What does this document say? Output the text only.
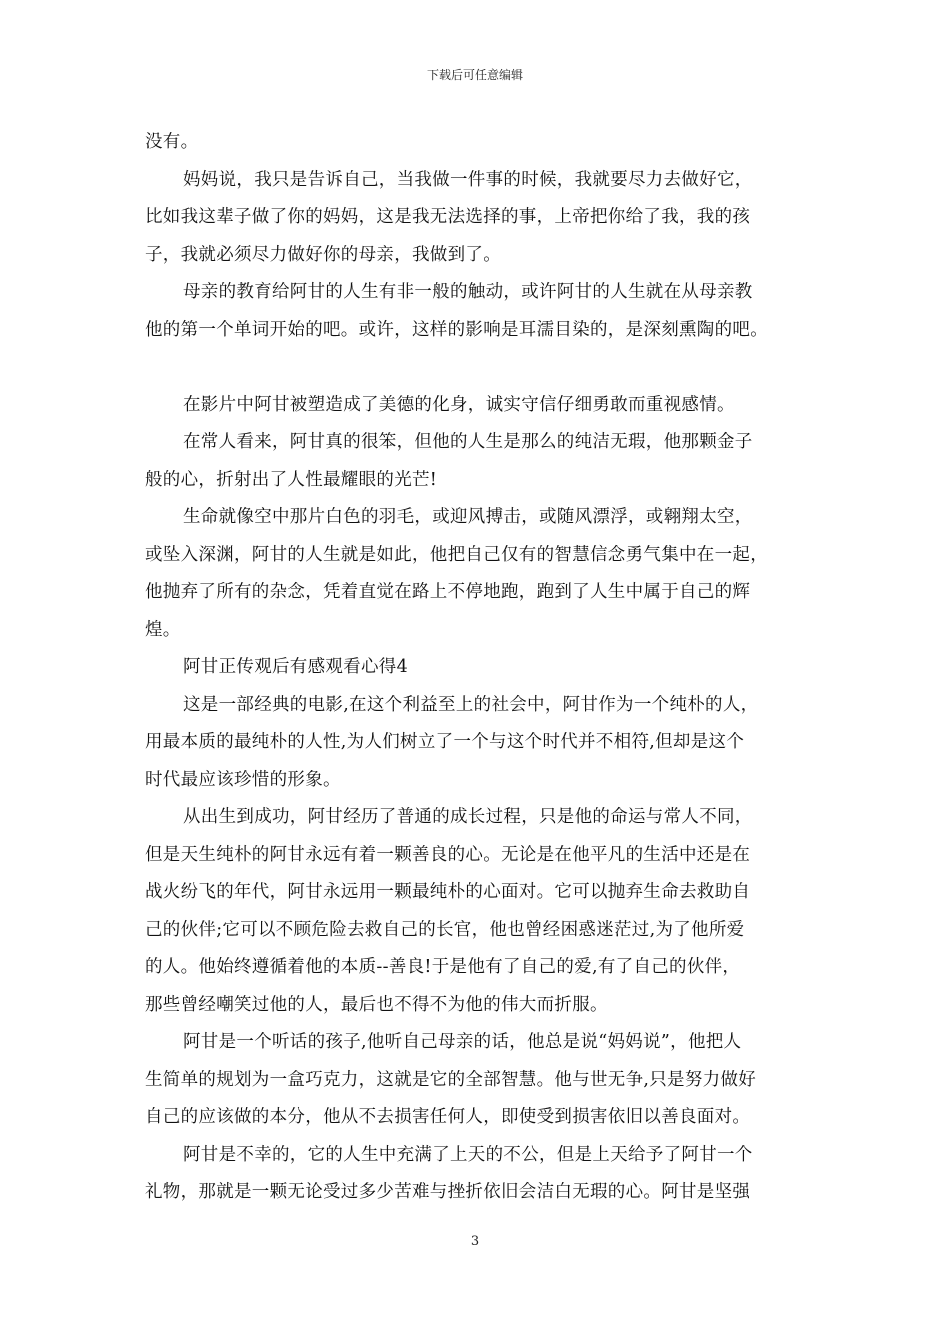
下载后可任意编辑
没有。
妈妈说，我只是告诉自己，当我做一件事的时候，我就要尽力去做好它，
比如我这辈子做了你的妈妈，这是我无法选择的事，上帝把你给了我，我的孩
子，我就必须尽力做好你的母亲，我做到了。
母亲的教育给阿甘的人生有非一般的触动，或许阿甘的人生就在从母亲教
他的第一个单词开始的吧。或许，这样的影响是耳濡目染的，是深刻熏陶的吧。
在影片中阿甘被塑造成了美德的化身，诚实守信仔细勇敢而重视感情。
在常人看来，阿甘真的很笨，但他的人生是那么的纯洁无瑕，他那颗金子
般的心，折射出了人性最耀眼的光芒!
生命就像空中那片白色的羽毛，或迎风搏击，或随风漂浮，或翱翔太空，
或坠入深渊，阿甘的人生就是如此，他把自己仅有的智慧信念勇气集中在一起，
他抛弃了所有的杂念，凭着直觉在路上不停地跑，跑到了人生中属于自己的辉
煌。
阿甘正传观后有感观看心得4
这是一部经典的电影,在这个利益至上的社会中，阿甘作为一个纯朴的人，
用最本质的最纯朴的人性,为人们树立了一个与这个时代并不相符,但却是这个
时代最应该珍惜的形象。
从出生到成功，阿甘经历了普通的成长过程，只是他的命运与常人不同，
但是天生纯朴的阿甘永远有着一颗善良的心。无论是在他平凡的生活中还是在
战火纷飞的年代，阿甘永远用一颗最纯朴的心面对。它可以抛弃生命去救助自
己的伙伴;它可以不顾危险去救自己的长官，他也曾经困惑迷茫过,为了他所爱
的人。他始终遵循着他的本质--善良!于是他有了自己的爱,有了自己的伙伴，
那些曾经嘲笑过他的人，最后也不得不为他的伟大而折服。
阿甘是一个听话的孩子,他听自己母亲的话，他总是说“妈妈说”，他把人
生简单的规划为一盒巧克力，这就是它的全部智慧。他与世无争,只是努力做好
自己的应该做的本分，他从不去损害任何人，即使受到损害依旧以善良面对。
阿甘是不幸的，它的人生中充满了上天的不公，但是上天给予了阿甘一个
礼物，那就是一颗无论受过多少苦难与挫折依旧会洁白无瑕的心。阿甘是坚强
3
